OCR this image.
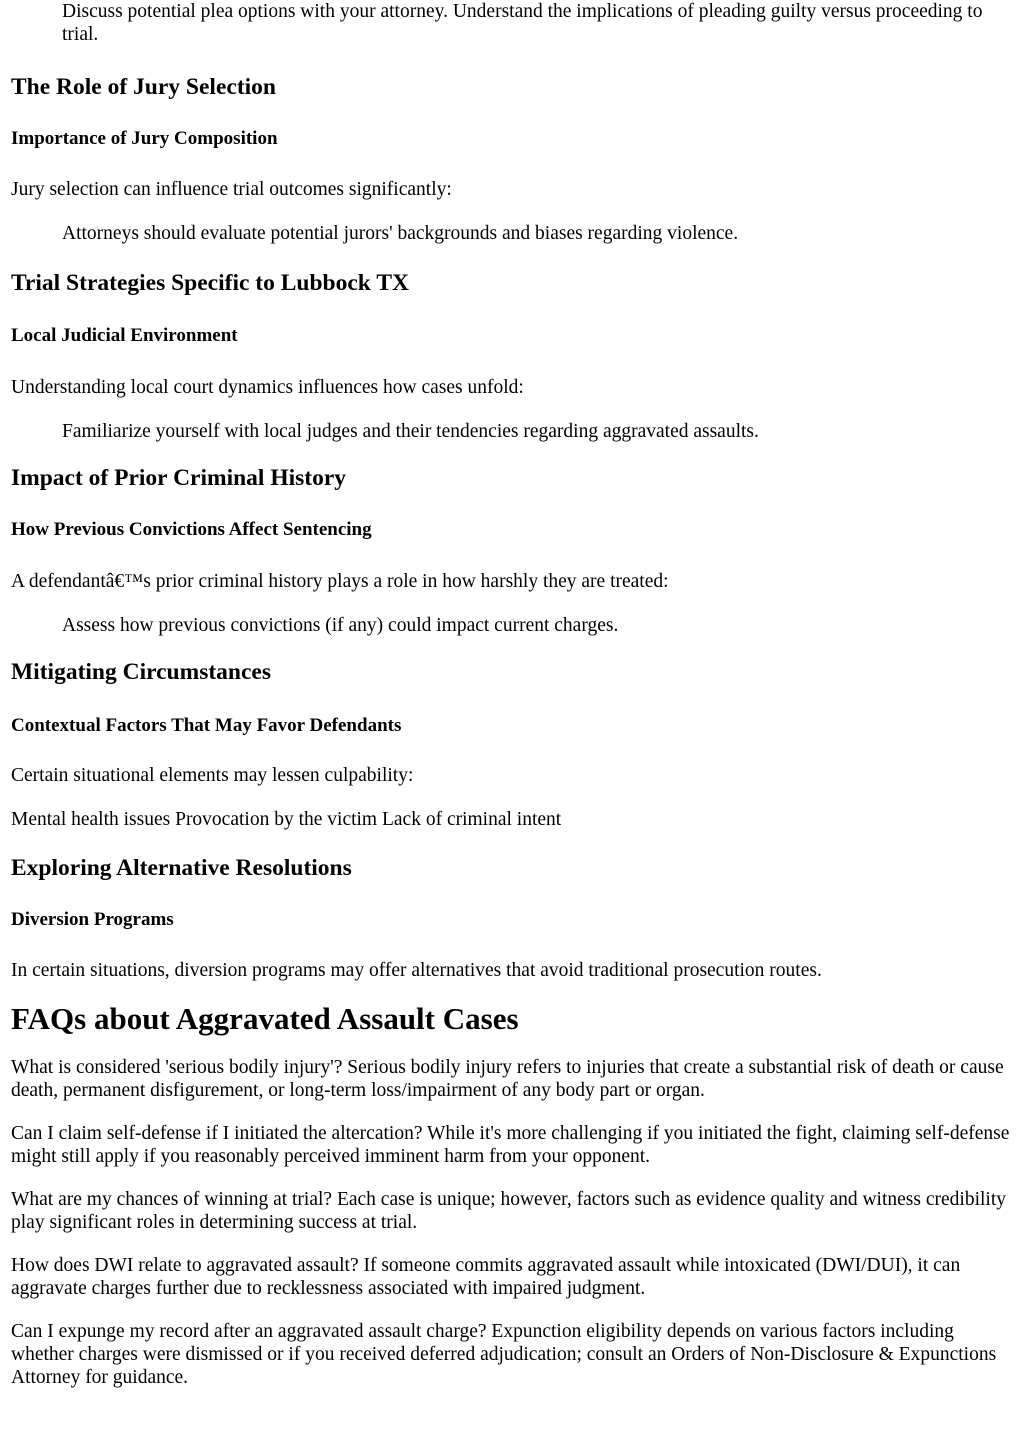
Discuss potential plea options with your attorney. Understand the implications of pleading guilty versus proceeding to trial.

The Role of Jury Selection
Importance of Jury Composition

Jury selection can influence trial outcomes significantly:

Attorneys should evaluate potential jurors' backgrounds and biases regarding violence.

Trial Strategies Specific to Lubbock TX
Local Judicial Environment

Understanding local court dynamics influences how cases unfold:

Familiarize yourself with local judges and their tendencies regarding aggravated assaults.

Impact of Prior Criminal History
How Previous Convictions Affect Sentencing

A defendantâ€™s prior criminal history plays a role in how harshly they are treated:

Assess how previous convictions (if any) could impact current charges.

Mitigating Circumstances
Contextual Factors That May Favor Defendants

Certain situational elements may lessen culpability:

Mental health issues Provocation by the victim Lack of criminal intent

Exploring Alternative Resolutions
Diversion Programs

In certain situations, diversion programs may offer alternatives that avoid traditional prosecution routes.

FAQs about Aggravated Assault Cases

What is considered 'serious bodily injury'? Serious bodily injury refers to injuries that create a substantial risk of death or cause death, permanent disfigurement, or long-term loss/impairment of any body part or organ.

Can I claim self-defense if I initiated the altercation? While it's more challenging if you initiated the fight, claiming self-defense might still apply if you reasonably perceived imminent harm from your opponent.

What are my chances of winning at trial? Each case is unique; however, factors such as evidence quality and witness credibility play significant roles in determining success at trial.

How does DWI relate to aggravated assault? If someone commits aggravated assault while intoxicated (DWI/DUI), it can aggravate charges further due to recklessness associated with impaired judgment.

Can I expunge my record after an aggravated assault charge? Expunction eligibility depends on various factors including whether charges were dismissed or if you received deferred adjudication; consult an Orders of Non-Disclosure & Expunctions Attorney for guidance.
